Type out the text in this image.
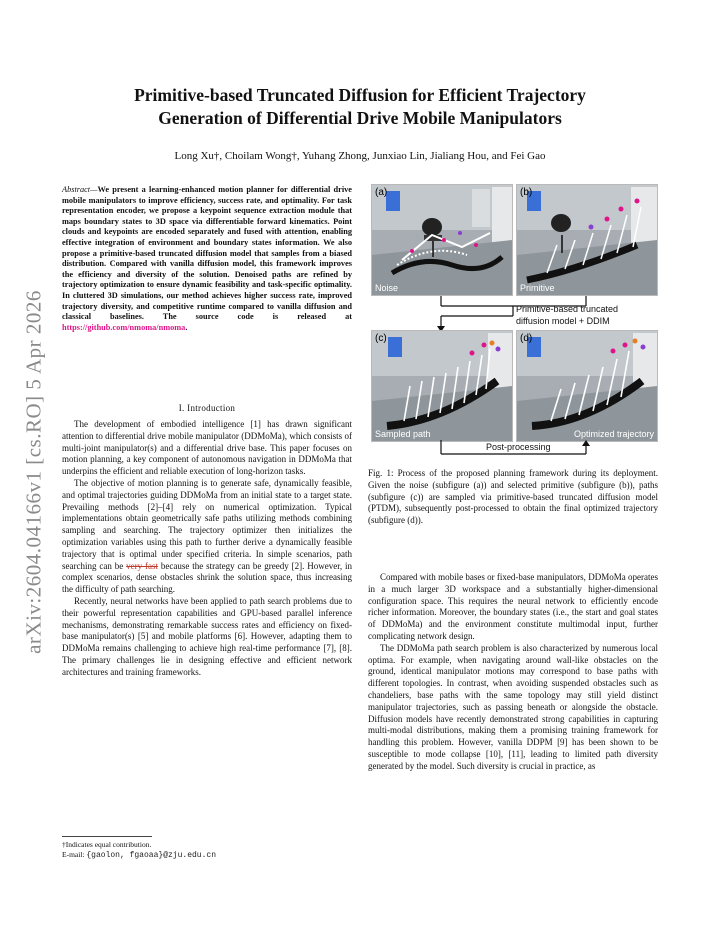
arXiv:2604.04166v1 [cs.RO] 5 Apr 2026
Primitive-based Truncated Diffusion for Efficient Trajectory
Generation of Differential Drive Mobile Manipulators
Long Xu†, Choilam Wong†, Yuhang Zhong, Junxiao Lin, Jialiang Hou, and Fei Gao
Abstract—We present a learning-enhanced motion planner for differential drive mobile manipulators to improve efficiency, success rate, and optimality. For task representation encoder, we propose a keypoint sequence extraction module that maps boundary states to 3D space via differentiable forward kinematics. Point clouds and keypoints are encoded separately and fused with attention, enabling effective integration of environment and boundary states information. We also propose a primitive-based truncated diffusion model that samples from a biased distribution. Compared with vanilla diffusion model, this framework improves the efficiency and diversity of the solution. Denoised paths are refined by trajectory optimization to ensure dynamic feasibility and task-specific optimality. In cluttered 3D simulations, our method achieves higher success rate, improved trajectory diversity, and competitive runtime compared to vanilla diffusion and classical baselines. The source code is released at https://github.com/nmoma/nmoma.
I. Introduction

The development of embodied intelligence [1] has drawn significant attention to differential drive mobile manipulator (DDMoMa), which consists of multi-joint manipulator(s) and a differential drive base. This paper focuses on motion planning, a key component of autonomous navigation in DDMoMa that underpins the efficient and reliable execution of long-horizon tasks.

The objective of motion planning is to generate safe, dynamically feasible, and optimal trajectories guiding DDMoMa from an initial state to a target state. Prevailing methods [2]–[4] rely on numerical optimization. Typical implementations obtain geometrically safe paths utilizing methods combining sampling and searching. The trajectory optimizer then initializes the optimization variables using this path to further derive a dynamically feasible trajectory that is optimal under specified criteria. In simple scenarios, path searching can be very fast because the strategy can be greedy [2]. However, in complex scenarios, dense obstacles shrink the solution space, thus increasing the difficulty of path searching.

Recently, neural networks have been applied to path search problems due to their powerful representation capabilities and GPU-based parallel inference mechanisms, demonstrating remarkable success rates and efficiency on fixed-base manipulator(s) [5] and mobile platforms [6]. However, adapting them to DDMoMa remains challenging to achieve high real-time performance [7], [8]. The primary challenges lie in designing effective and efficient network architectures and training frameworks.

†Indicates equal contribution.
E-mail: {gaolon, fgaoaa}@zju.edu.cn
(a)
Noise
(b)
Primitive
Primitive-based truncated
diffusion model + DDIM
(c)
Sampled path
(d)
Optimized trajectory
Post-processing
Fig. 1: Process of the proposed planning framework during its deployment. Given the noise (subfigure (a)) and selected primitive (subfigure (b)), paths (subfigure (c)) are sampled via primitive-based truncated diffusion model (PTDM), subsequently post-processed to obtain the final optimized trajectory (subfigure (d)).

Compared with mobile bases or fixed-base manipulators, DDMoMa operates in a much larger 3D workspace and a substantially higher-dimensional configuration space. This requires the neural network to efficiently encode richer information. Moreover, the boundary states (i.e., the start and goal states of DDMoMa) and the environment constitute multimodal input, further complicating network design.

The DDMoMa path search problem is also characterized by numerous local optima. For example, when navigating around wall-like obstacles on the ground, identical manipulator motions may correspond to base paths with different topologies. In contrast, when avoiding suspended obstacles such as chandeliers, base paths with the same topology may still yield distinct manipulator trajectories, such as passing beneath or alongside the obstacle. Diffusion models have recently demonstrated strong capabilities in capturing multi-modal distributions, making them a promising training framework for handling this problem. However, vanilla DDPM [9] has been shown to be susceptible to mode collapse [10], [11], leading to limited path diversity generated by the model. Such diversity is crucial in practice, as
